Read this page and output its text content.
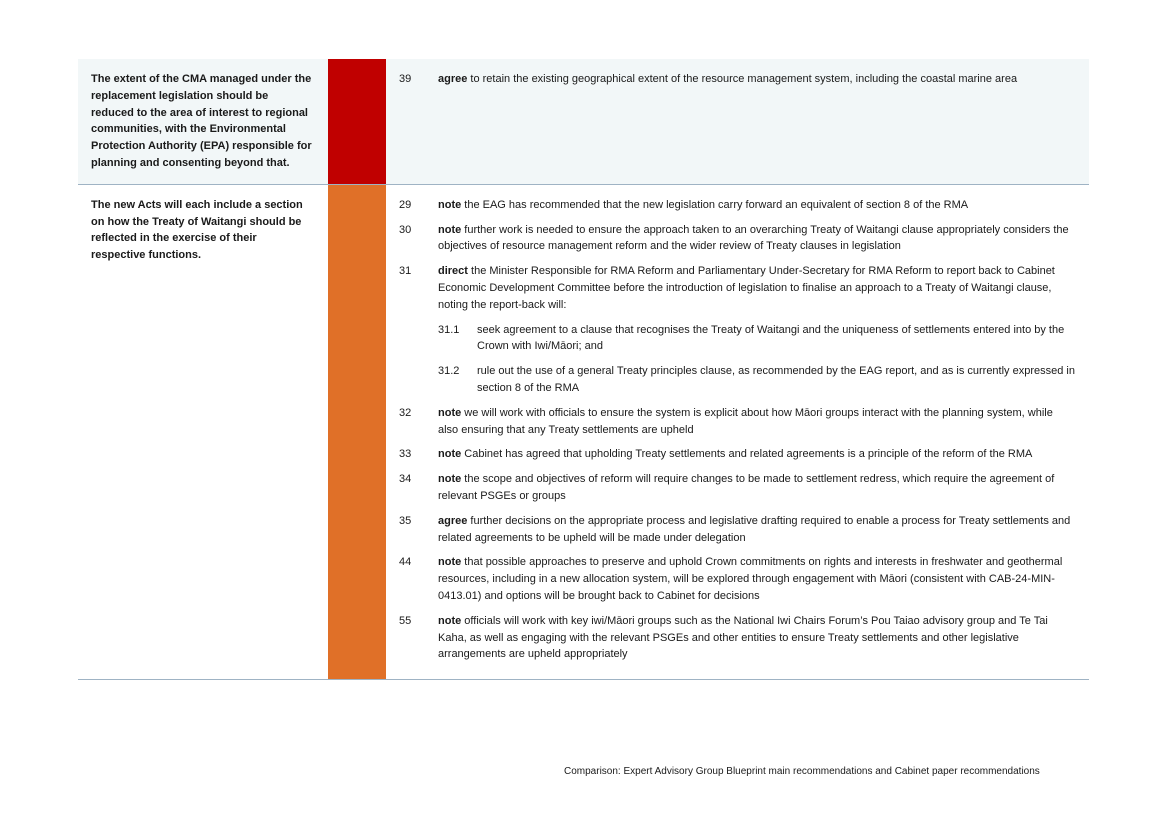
The extent of the CMA managed under the replacement legislation should be reduced to the area of interest to regional communities, with the Environmental Protection Authority (EPA) responsible for planning and consenting beyond that.
39	agree to retain the existing geographical extent of the resource management system, including the coastal marine area
The new Acts will each include a section on how the Treaty of Waitangi should be reflected in the exercise of their respective functions.
29	note the EAG has recommended that the new legislation carry forward an equivalent of section 8 of the RMA
30	note further work is needed to ensure the approach taken to an overarching Treaty of Waitangi clause appropriately considers the objectives of resource management reform and the wider review of Treaty clauses in legislation
31	direct the Minister Responsible for RMA Reform and Parliamentary Under-Secretary for RMA Reform to report back to Cabinet Economic Development Committee before the introduction of legislation to finalise an approach to a Treaty of Waitangi clause, noting the report-back will:
31.1	seek agreement to a clause that recognises the Treaty of Waitangi and the uniqueness of settlements entered into by the Crown with Iwi/Māori; and
31.2	rule out the use of a general Treaty principles clause, as recommended by the EAG report, and as is currently expressed in section 8 of the RMA
32	note we will work with officials to ensure the system is explicit about how Māori groups interact with the planning system, while also ensuring that any Treaty settlements are upheld
33	note Cabinet has agreed that upholding Treaty settlements and related agreements is a principle of the reform of the RMA
34	note the scope and objectives of reform will require changes to be made to settlement redress, which require the agreement of relevant PSGEs or groups
35	agree further decisions on the appropriate process and legislative drafting required to enable a process for Treaty settlements and related agreements to be upheld will be made under delegation
44	note that possible approaches to preserve and uphold Crown commitments on rights and interests in freshwater and geothermal resources, including in a new allocation system, will be explored through engagement with Māori (consistent with CAB-24-MIN-0413.01) and options will be brought back to Cabinet for decisions
55	note officials will work with key iwi/Māori groups such as the National Iwi Chairs Forum’s Pou Taiao advisory group and Te Tai Kaha, as well as engaging with the relevant PSGEs and other entities to ensure Treaty settlements and other legislative arrangements are upheld appropriately
Comparison: Expert Advisory Group Blueprint main recommendations and Cabinet paper recommendations
